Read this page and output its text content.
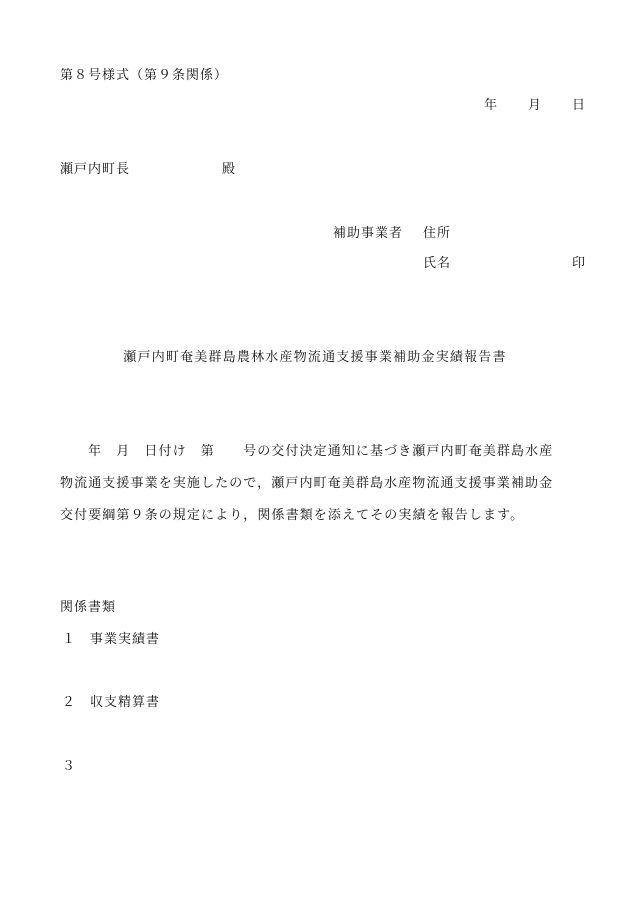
第８号様式（第９条関係）
年 月 日
瀬戸内町長	殿
補助事業者 住所
氏名	印
瀬戸内町奄美群島農林水産物流通支援事業補助金実績報告書
年　月　日付け　第　　号の交付決定通知に基づき瀬戸内町奄美群島水産
物流通支援事業を実施したので，瀬戸内町奄美群島水産物流通支援事業補助金
交付要綱第９条の規定により，関係書類を添えてその実績を報告します。
関係書類
１ 事業実績書
２ 収支精算書
３
